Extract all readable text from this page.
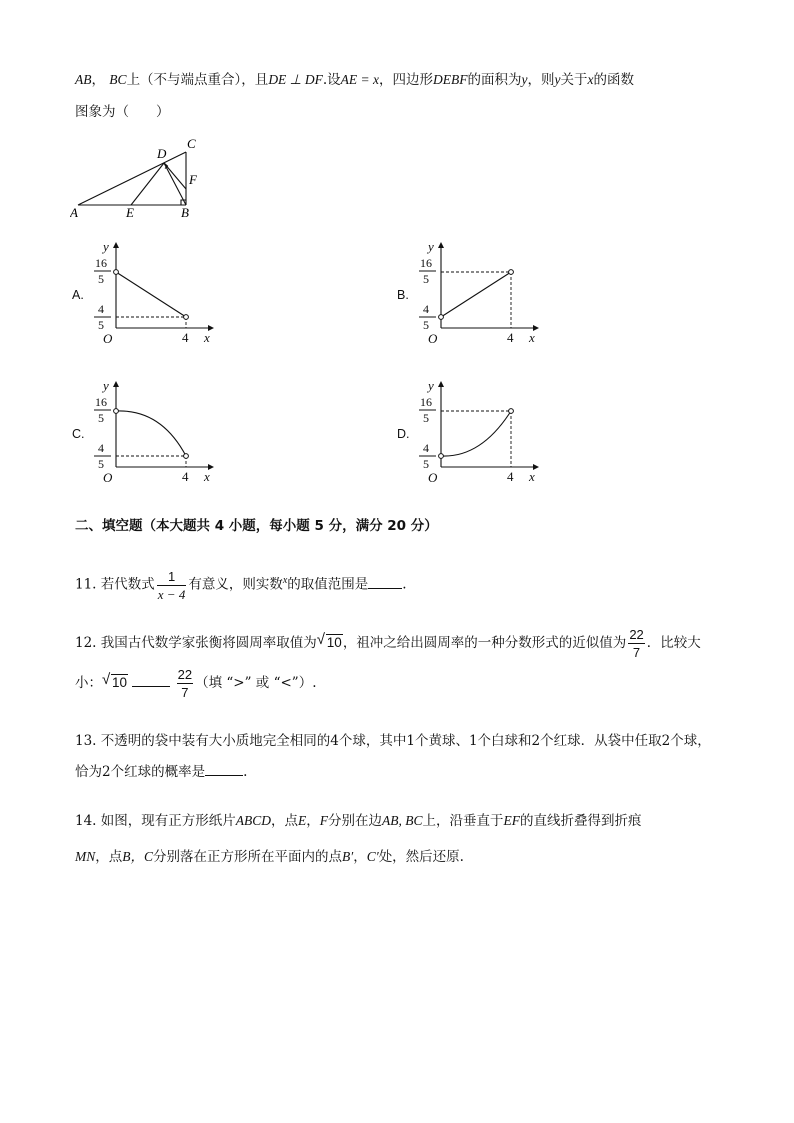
AB， BC上（不与端点重合），且DE ⊥ DF.设AE = x，四边形DEBF的面积为y，则y关于x的函数
图象为（　　）
A	E	B
C
D
F
A.
y
x
O	4
16
5
4
5
B.
y
x
O	4
16
5
4
5
C.
y
x
O	4
16
5
4
5
D.
y
x
O	4
16
5
4
5
二、填空题（本大题共 4 小题，每小题 5 分，满分 20 分）
11. 若代数式 $\frac{1}{x - 4}$ 有意义，则实数$^x$的取值范围是	.
12. 我国古代数学家张衡将圆周率取值为 √ 10，祖冲之给出圆周率的一种分数形式的近似值为 $\frac{22}{7}$ ．比较大
小： √ 10	$\frac{22}{7}$ （填 “>” 或 “<”）.
13. 不透明的袋中装有大小质地完全相同的4个球，其中1个黄球、1个白球和2个红球．从袋中任取2个球，
恰为2个红球的概率是	.
14. 如图，现有正方形纸片ABCD，点E，F分别在边AB, BC上，沿垂直于EF的直线折叠得到折痕
MN，点B，C分别落在正方形所在平面内的点B′，C′处，然后还原.
